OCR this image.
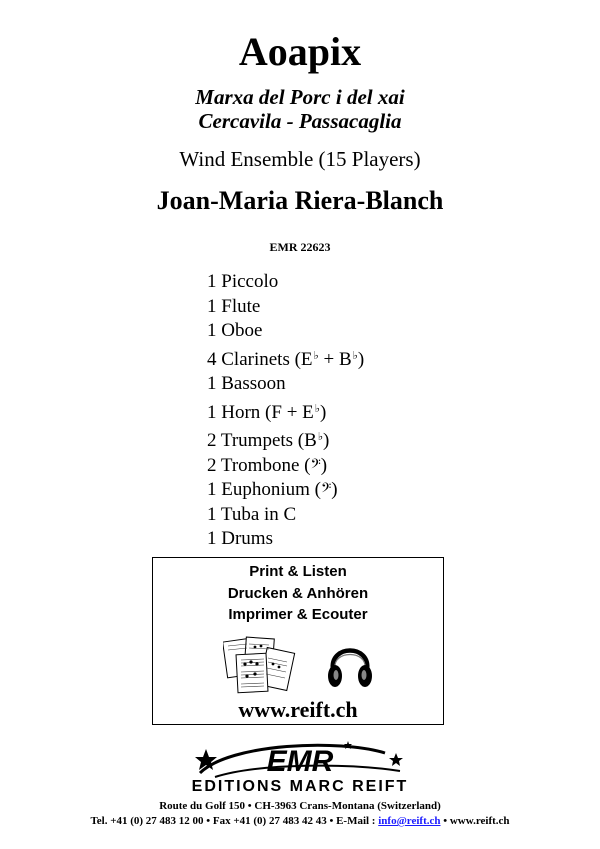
Aoapix
Marxa del Porc i del xai
Cercavila - Passacaglia
Wind Ensemble (15 Players)
Joan-Maria Riera-Blanch
EMR 22623
1 Piccolo
1 Flute
1 Oboe
4 Clarinets (E♭ + B♭)
1 Bassoon
1 Horn (F + E♭)
2 Trumpets (B♭)
2 Trombone (𝄢)
1 Euphonium (𝄢)
1 Tuba in C
1 Drums
Print & Listen
Drucken & Anhören
Imprimer & Ecouter
www.reift.ch
EMR
EDITIONS MARC REIFT
Route du Golf 150 • CH-3963 Crans-Montana (Switzerland)
Tel. +41 (0) 27 483 12 00 • Fax +41 (0) 27 483 42 43 • E-Mail : info@reift.ch • www.reift.ch
